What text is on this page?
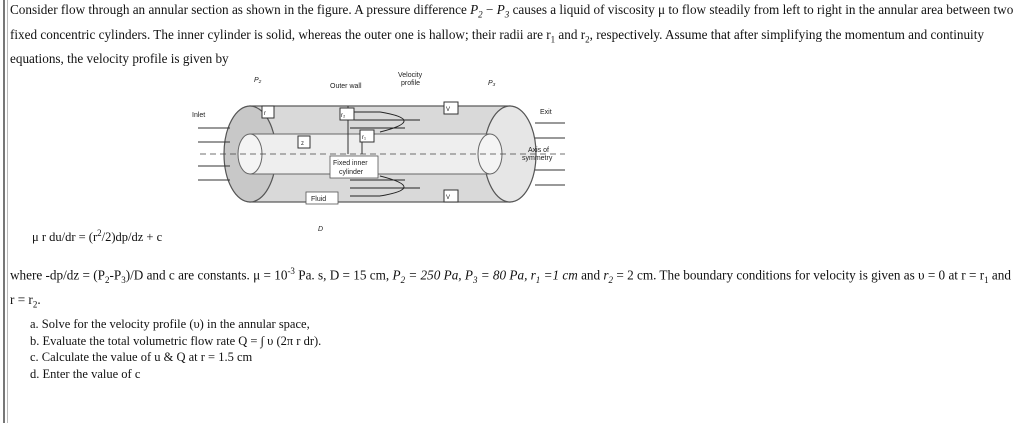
Consider flow through an annular section as shown in the figure. A pressure difference $P_2 - P_3$ causes a liquid of viscosity μ to flow steadily from left to right in the annular area between two fixed concentric cylinders. The inner cylinder is solid, whereas the outer one is hallow; their radii are $r_1$ and $r_2$, respectively. Assume that after simplifying the momentum and continuity equations, the velocity profile is given by
P₂
Outer wall
Velocity
profile	P₃
Inlet	Exit
Axis of
symmetry
Fixed inner
cylinder
Fluid
D
r
z
r₂
r₁
V
V
μ r $du/dr = (r^2/2)dp/dz + c$
where $-dp/dz = (P_2-P_3)/D$ and c are constants. $\mu = 10^{-3}$ Pa. s, D = 15 cm, $P_2 = 250$ Pa, $P_3 = 80$ Pa, $r_1 =1$ cm and $r_2 = 2$ cm. The boundary conditions for velocity is given as υ = 0 at $r = r_1$ and $r = r_2$.
a. Solve for the velocity profile (υ) in the annular space,
b. Evaluate the total volumetric flow rate Q = ∫ υ (2π r dr).
c. Calculate the value of u & Q at r = 1.5 cm
d. Enter the value of c
